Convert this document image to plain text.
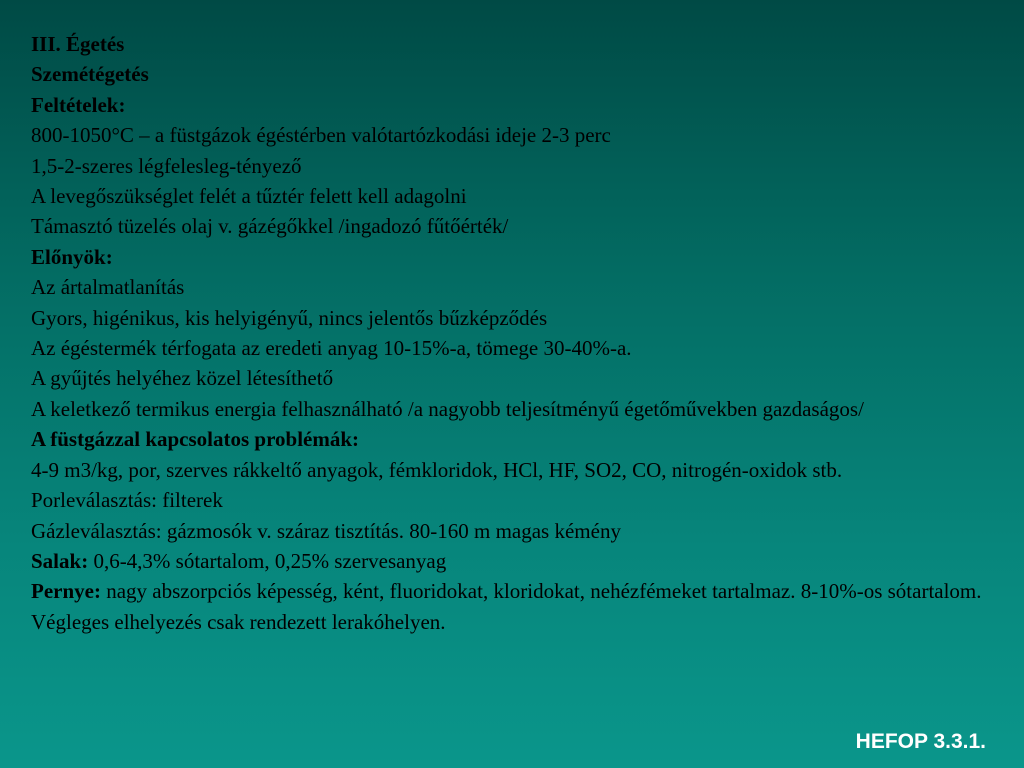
III. Égetés
Szemétégetés
Feltételek:
800-1050°C – a füstgázok égéstérben valótartózkodási ideje 2-3 perc
1,5-2-szeres légfelesleg-tényező
A levegőszükséglet felét a tűztér felett kell adagolni
Támasztó tüzelés olaj v. gázégőkkel /ingadozó fűtőérték/
Előnyök:
Az ártalmatlanítás
Gyors, higénikus, kis helyigényű, nincs jelentős bűzképződés
Az égéstermék térfogata az eredeti anyag 10-15%-a, tömege 30-40%-a.
A gyűjtés helyéhez közel létesíthető
A keletkező termikus energia felhasználható /a nagyobb teljesítményű égetőművekben gazdaságos/
A füstgázzal kapcsolatos problémák:
4-9 m3/kg, por, szerves rákkeltő anyagok, fémkloridok, HCl, HF, SO2, CO, nitrogén-oxidok stb.
Porleválasztás: filterek
Gázleválasztás: gázmosók v. száraz tisztítás. 80-160 m magas kémény
Salak: 0,6-4,3% sótartalom, 0,25% szervesanyag
Pernye: nagy abszorpciós képesség, ként, fluoridokat, kloridokat, nehézfémeket tartalmaz. 8-10%-os sótartalom.
Végleges elhelyezés csak rendezett lerakóhelyen.
HEFOP 3.3.1.
